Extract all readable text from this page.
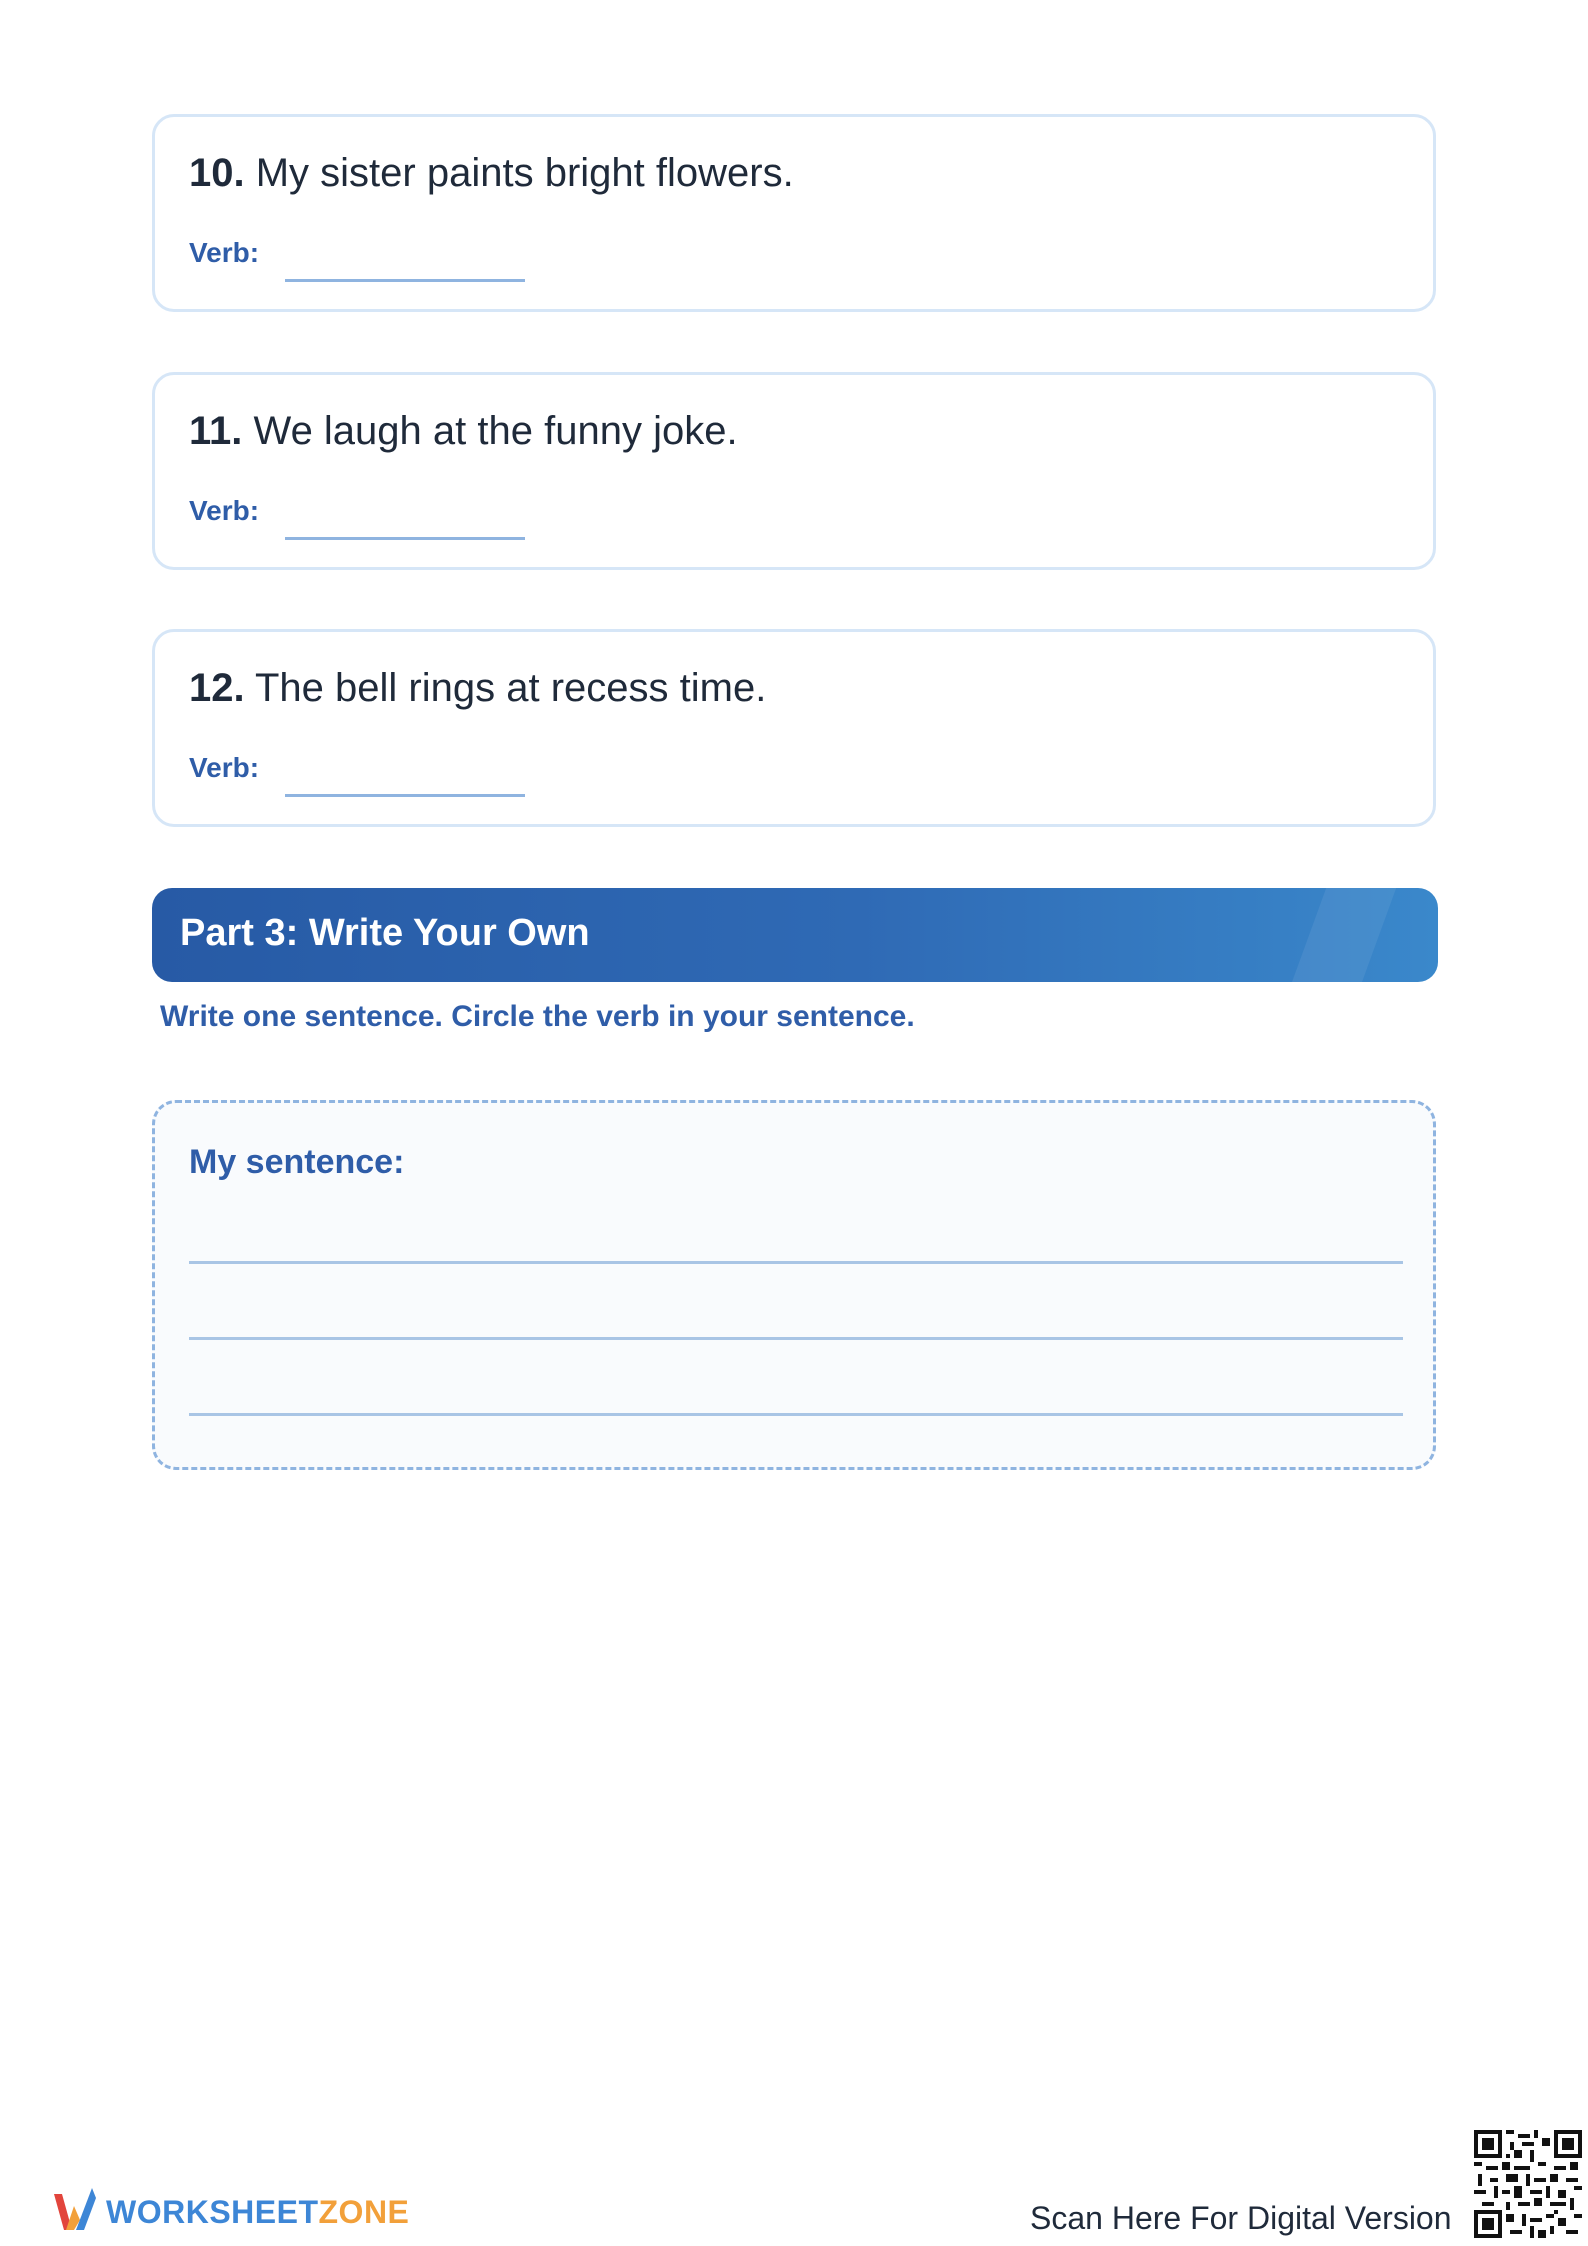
10. My sister paints bright flowers.
Verb:
11. We laugh at the funny joke.
Verb:
12. The bell rings at recess time.
Verb:
Part 3: Write Your Own
Write one sentence. Circle the verb in your sentence.
My sentence:
WORKSHEETZONE	Scan Here For Digital Version
